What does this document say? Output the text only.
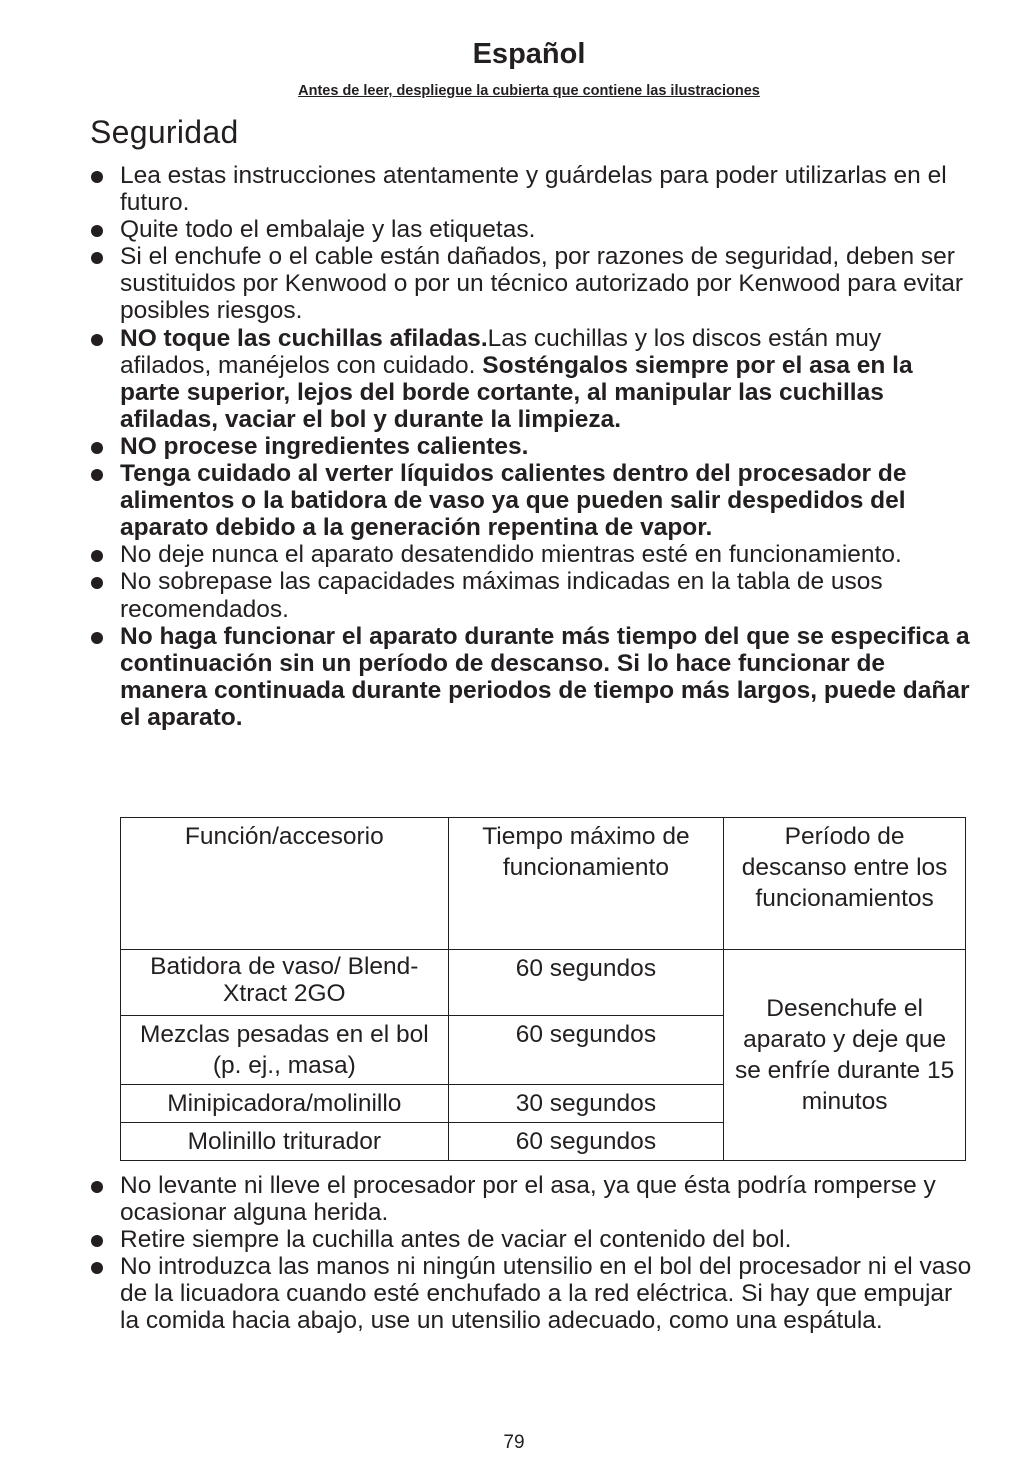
Español

Antes de leer, despliegue la cubierta que contiene las ilustraciones

Seguridad
Lea estas instrucciones atentamente y guárdelas para poder utilizarlas en el futuro.
Quite todo el embalaje y las etiquetas.
Si el enchufe o el cable están dañados, por razones de seguridad, deben ser sustituidos por Kenwood o por un técnico autorizado por Kenwood para evitar posibles riesgos.
NO toque las cuchillas afiladas.Las cuchillas y los discos están muy afilados, manéjelos con cuidado. Sosténgalos siempre por el asa en la parte superior, lejos del borde cortante, al manipular las cuchillas afiladas, vaciar el bol y durante la limpieza.
NO procese ingredientes calientes.
Tenga cuidado al verter líquidos calientes dentro del procesador de alimentos o la batidora de vaso ya que pueden salir despedidos del aparato debido a la generación repentina de vapor.
No deje nunca el aparato desatendido mientras esté en funcionamiento.
No sobrepase las capacidades máximas indicadas en la tabla de usos recomendados.
No haga funcionar el aparato durante más tiempo del que se especifica a continuación sin un período de descanso. Si lo hace funcionar de manera continuada durante periodos de tiempo más largos, puede dañar el aparato.
Función/accesorio	Tiempo máximo de funcionamiento	Período de descanso entre los funcionamientos
Batidora de vaso/ Blend-Xtract 2GO	60 segundos	Desenchufe el aparato y deje que se enfríe durante 15 minutos
Mezclas pesadas en el bol (p. ej., masa)	60 segundos	
Minipicadora/molinillo	30 segundos	
Molinillo triturador	60 segundos	
No levante ni lleve el procesador por el asa, ya que ésta podría romperse y ocasionar alguna herida.
Retire siempre la cuchilla antes de vaciar el contenido del bol.
No introduzca las manos ni ningún utensilio en el bol del procesador ni el vaso de la licuadora cuando esté enchufado a la red eléctrica. Si hay que empujar la comida hacia abajo, use un utensilio adecuado, como una espátula.

79
